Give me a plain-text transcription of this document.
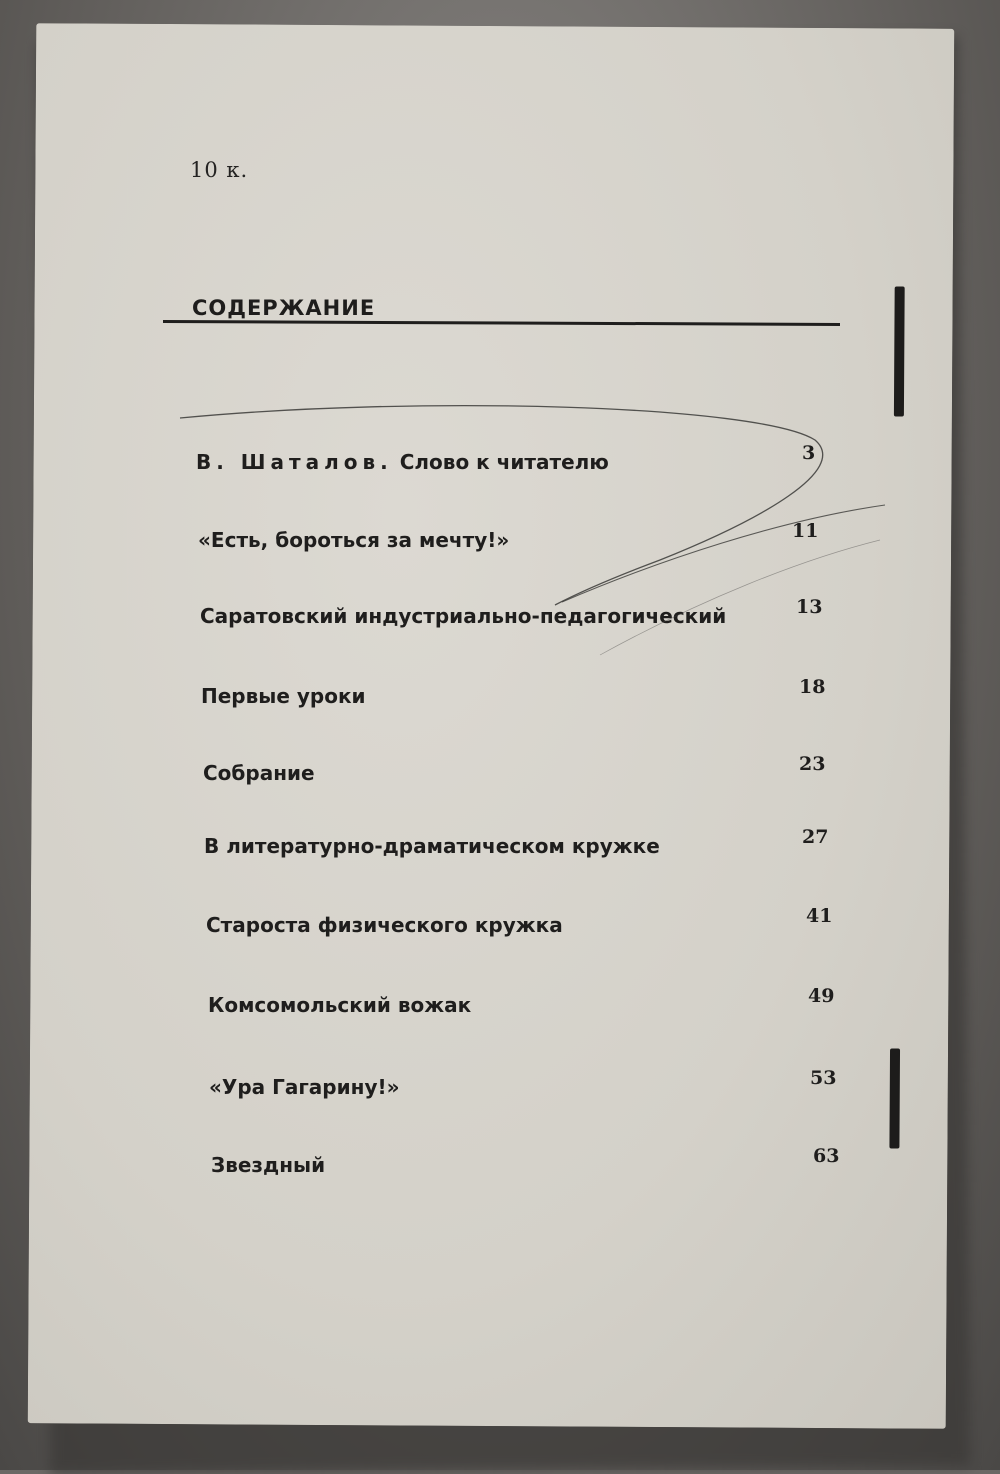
10 к.
СОДЕРЖАНИЕ
В. Шаталов. Слово к читателю	3
«Есть, бороться за мечту!»	11
Саратовский индустриально-педагогический	13
Первые уроки	18
Собрание	23
В литературно-драматическом кружке	27
Староста физического кружка	41
Комсомольский вожак	49
«Ура Гагарину!»	53
Звездный	63
